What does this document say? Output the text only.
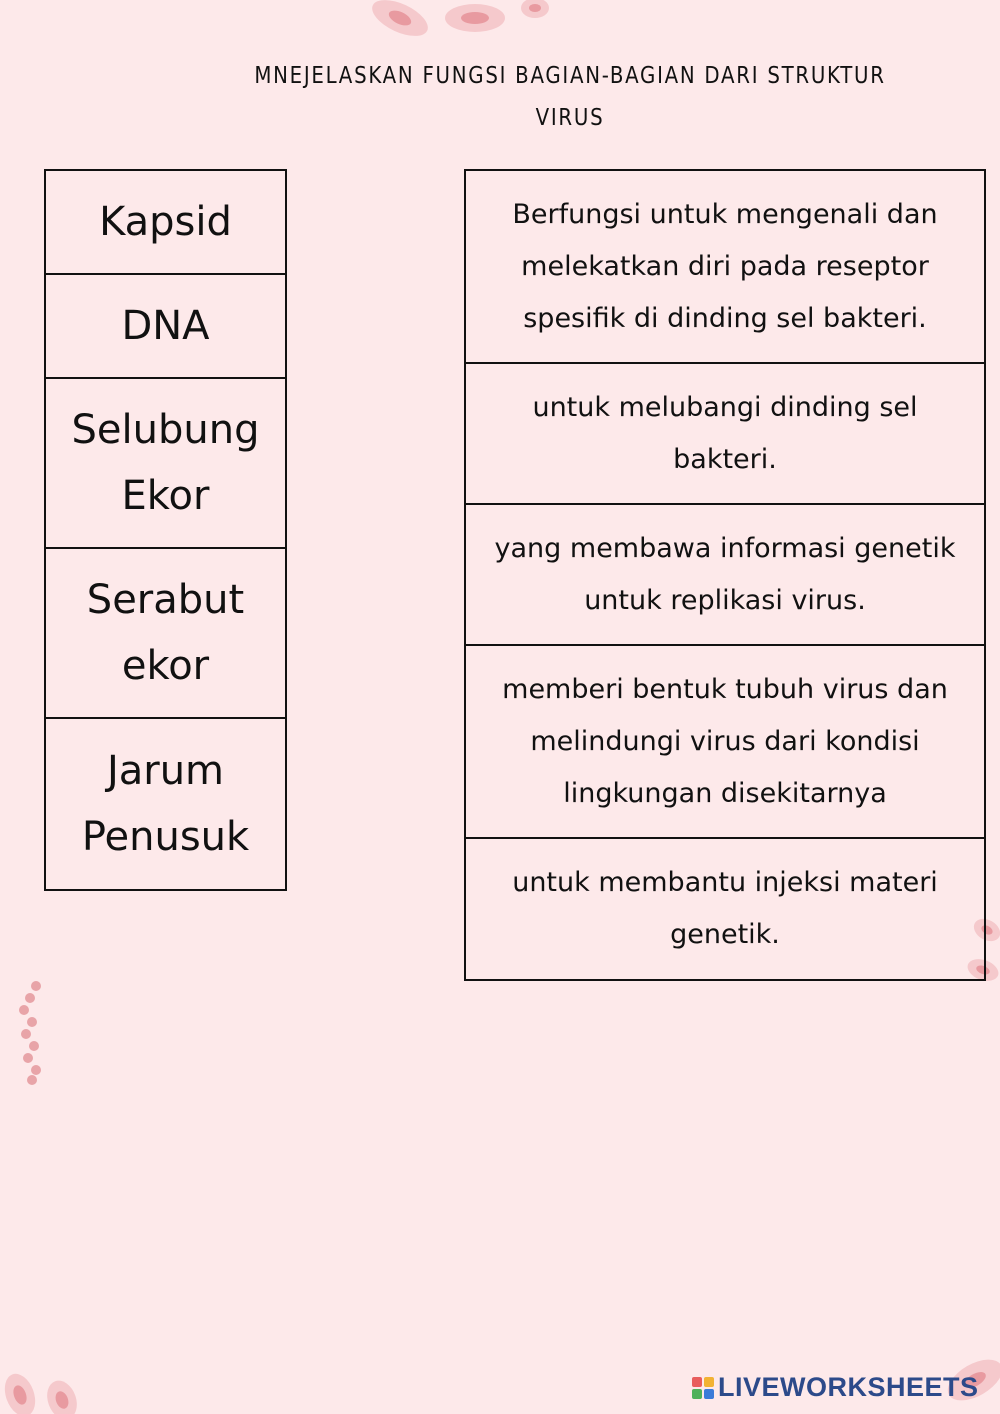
MNEJELASKAN FUNGSI BAGIAN-BAGIAN DARI STRUKTUR VIRUS
Kapsid
DNA
Selubung Ekor
Serabut ekor
Jarum Penusuk
Berfungsi untuk mengenali dan melekatkan diri pada reseptor spesifik di dinding sel bakteri.
untuk melubangi dinding sel bakteri.
yang membawa informasi genetik untuk replikasi virus.
memberi bentuk tubuh virus dan melindungi virus dari kondisi lingkungan disekitarnya
untuk membantu injeksi materi genetik.
LIVEWORKSHEETS
